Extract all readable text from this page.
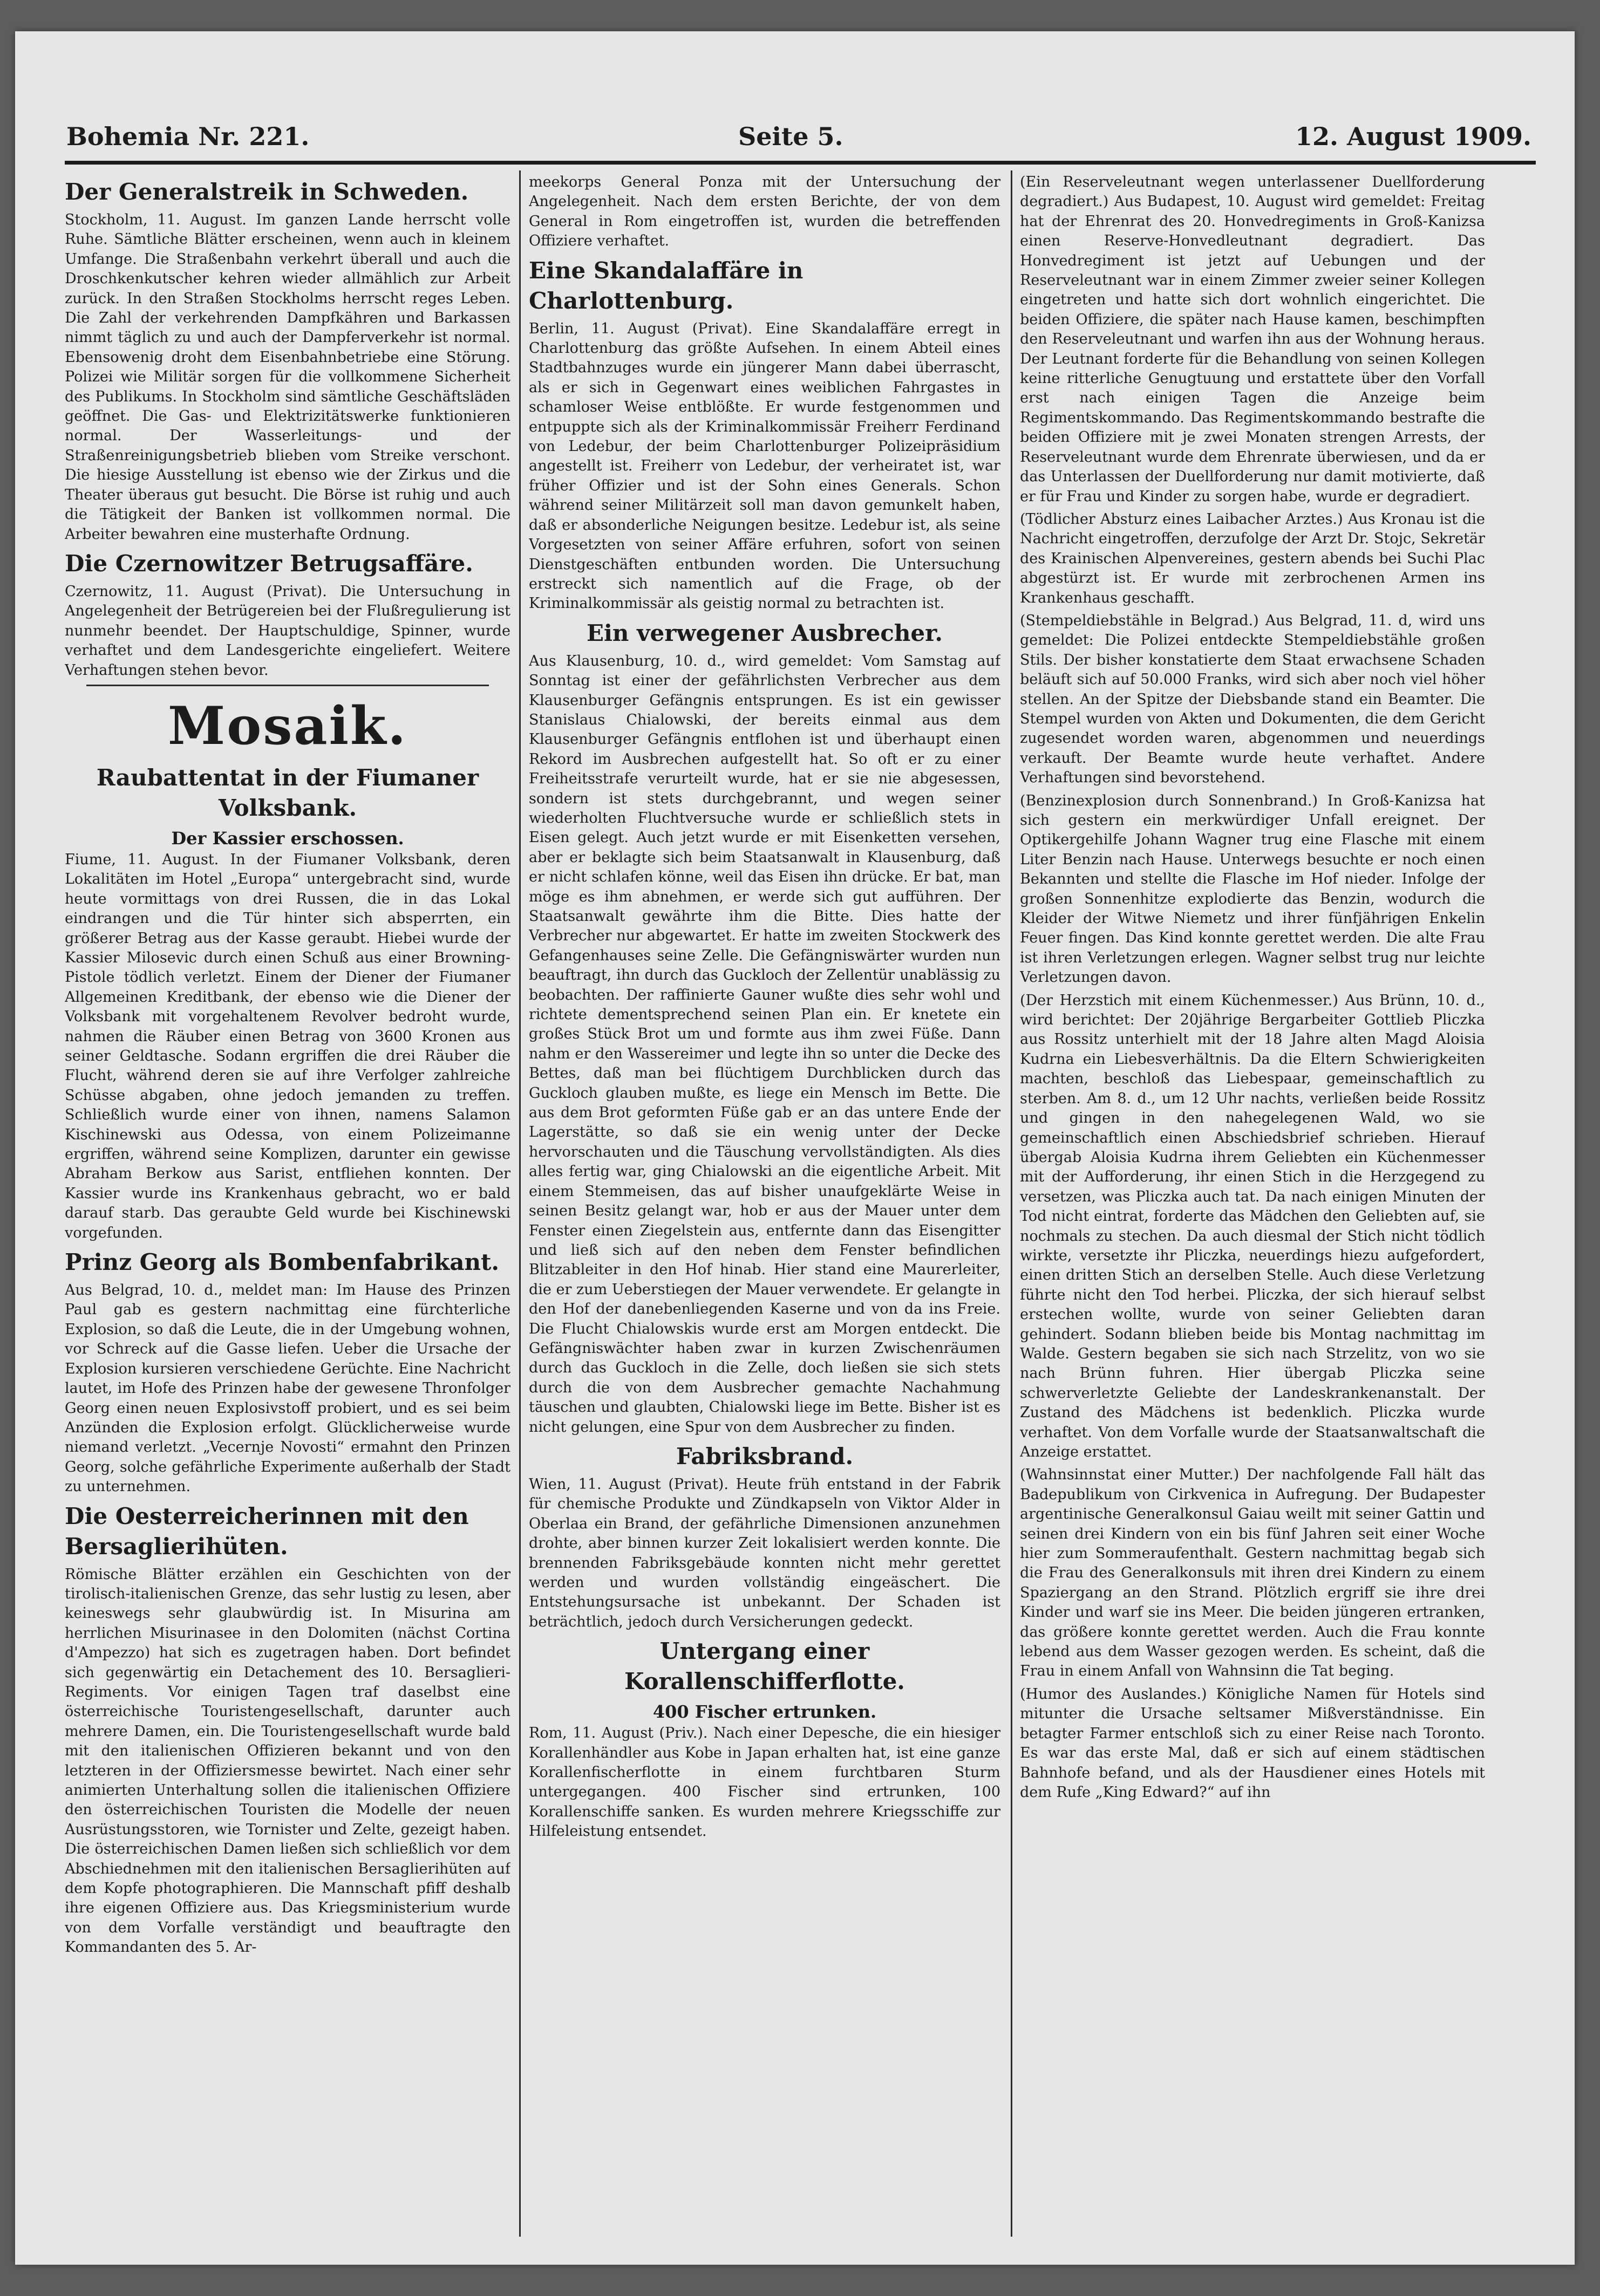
Bohemia Nr. 221.	Seite 5.	12. August 1909.
Der Generalstreik in Schweden.

Stockholm, 11. August. Im ganzen Lande herrscht volle Ruhe. Sämtliche Blätter erscheinen, wenn auch in kleinem Umfange. Die Straßenbahn verkehrt überall und auch die Droschkenkutscher kehren wieder allmählich zur Arbeit zurück. In den Straßen Stockholms herrscht reges Leben. Die Zahl der verkehrenden Dampfkähren und Barkassen nimmt täglich zu und auch der Dampferverkehr ist normal. Ebensowenig droht dem Eisenbahnbetriebe eine Störung. Polizei wie Militär sorgen für die vollkommene Sicherheit des Publikums. In Stockholm sind sämtliche Geschäftsläden geöffnet. Die Gas- und Elektrizitätswerke funktionieren normal. Der Wasserleitungs- und der Straßenreinigungsbetrieb blieben vom Streike verschont. Die hiesige Ausstellung ist ebenso wie der Zirkus und die Theater überaus gut besucht. Die Börse ist ruhig und auch die Tätigkeit der Banken ist vollkommen normal. Die Arbeiter bewahren eine musterhafte Ordnung.

Die Czernowitzer Betrugsaffäre.

Czernowitz, 11. August (Privat). Die Untersuchung in Angelegenheit der Betrügereien bei der Flußregulierung ist nunmehr beendet. Der Hauptschuldige, Spinner, wurde verhaftet und dem Landesgerichte eingeliefert. Weitere Verhaftungen stehen bevor.

Mosaik.
Raubattentat in der Fiumaner Volksbank.
Der Kassier erschossen.

Fiume, 11. August. In der Fiumaner Volksbank, deren Lokalitäten im Hotel „Europa“ untergebracht sind, wurde heute vormittags von drei Russen, die in das Lokal eindrangen und die Tür hinter sich absperrten, ein größerer Betrag aus der Kasse geraubt. Hiebei wurde der Kassier Milosevic durch einen Schuß aus einer Browning-Pistole tödlich verletzt. Einem der Diener der Fiumaner Allgemeinen Kreditbank, der ebenso wie die Diener der Volksbank mit vorgehaltenem Revolver bedroht wurde, nahmen die Räuber einen Betrag von 3600 Kronen aus seiner Geldtasche. Sodann ergriffen die drei Räuber die Flucht, während deren sie auf ihre Verfolger zahlreiche Schüsse abgaben, ohne jedoch jemanden zu treffen. Schließlich wurde einer von ihnen, namens Salamon Kischinewski aus Odessa, von einem Polizeimanne ergriffen, während seine Komplizen, darunter ein gewisse Abraham Berkow aus Sarist, entfliehen konnten. Der Kassier wurde ins Krankenhaus gebracht, wo er bald darauf starb. Das geraubte Geld wurde bei Kischinewski vorgefunden.

Prinz Georg als Bombenfabrikant.

Aus Belgrad, 10. d., meldet man: Im Hause des Prinzen Paul gab es gestern nachmittag eine fürchterliche Explosion, so daß die Leute, die in der Umgebung wohnen, vor Schreck auf die Gasse liefen. Ueber die Ursache der Explosion kursieren verschiedene Gerüchte. Eine Nachricht lautet, im Hofe des Prinzen habe der gewesene Thronfolger Georg einen neuen Explosivstoff probiert, und es sei beim Anzünden die Explosion erfolgt. Glücklicherweise wurde niemand verletzt. „Vecernje Novosti“ ermahnt den Prinzen Georg, solche gefährliche Experimente außerhalb der Stadt zu unternehmen.

Die Oesterreicherinnen mit den Bersaglierihüten.

Römische Blätter erzählen ein Geschichten von der tirolisch-italienischen Grenze, das sehr lustig zu lesen, aber keineswegs sehr glaubwürdig ist. In Misurina am herrlichen Misurinasee in den Dolomiten (nächst Cortina d'Ampezzo) hat sich es zugetragen haben. Dort befindet sich gegenwärtig ein Detachement des 10. Bersaglieri-Regiments. Vor einigen Tagen traf daselbst eine österreichische Touristengesellschaft, darunter auch mehrere Damen, ein. Die Touristengesellschaft wurde bald mit den italienischen Offizieren bekannt und von den letzteren in der Offiziersmesse bewirtet. Nach einer sehr animierten Unterhaltung sollen die italienischen Offiziere den österreichischen Touristen die Modelle der neuen Ausrüstungsstoren, wie Tornister und Zelte, gezeigt haben. Die österreichischen Damen ließen sich schließlich vor dem Abschiednehmen mit den italienischen Bersaglierihüten auf dem Kopfe photographieren. Die Mannschaft pfiff deshalb ihre eigenen Offiziere aus. Das Kriegsministerium wurde von dem Vorfalle verständigt und beauftragte den Kommandanten des 5. Ar-

meekorps General Ponza mit der Untersuchung der Angelegenheit. Nach dem ersten Berichte, der von dem General in Rom eingetroffen ist, wurden die betreffenden Offiziere verhaftet.

Eine Skandalaffäre in Charlottenburg.

Berlin, 11. August (Privat). Eine Skandalaffäre erregt in Charlottenburg das größte Aufsehen. In einem Abteil eines Stadtbahnzuges wurde ein jüngerer Mann dabei überrascht, als er sich in Gegenwart eines weiblichen Fahrgastes in schamloser Weise entblößte. Er wurde festgenommen und entpuppte sich als der Kriminalkommissär Freiherr Ferdinand von Ledebur, der beim Charlottenburger Polizeipräsidium angestellt ist. Freiherr von Ledebur, der verheiratet ist, war früher Offizier und ist der Sohn eines Generals. Schon während seiner Militärzeit soll man davon gemunkelt haben, daß er absonderliche Neigungen besitze. Ledebur ist, als seine Vorgesetzten von seiner Affäre erfuhren, sofort von seinen Dienstgeschäften entbunden worden. Die Untersuchung erstreckt sich namentlich auf die Frage, ob der Kriminalkommissär als geistig normal zu betrachten ist.

Ein verwegener Ausbrecher.

Aus Klausenburg, 10. d., wird gemeldet: Vom Samstag auf Sonntag ist einer der gefährlichsten Verbrecher aus dem Klausenburger Gefängnis entsprungen. Es ist ein gewisser Stanislaus Chialowski, der bereits einmal aus dem Klausenburger Gefängnis entflohen ist und überhaupt einen Rekord im Ausbrechen aufgestellt hat. So oft er zu einer Freiheitsstrafe verurteilt wurde, hat er sie nie abgesessen, sondern ist stets durchgebrannt, und wegen seiner wiederholten Fluchtversuche wurde er schließlich stets in Eisen gelegt. Auch jetzt wurde er mit Eisenketten versehen, aber er beklagte sich beim Staatsanwalt in Klausenburg, daß er nicht schlafen könne, weil das Eisen ihn drücke. Er bat, man möge es ihm abnehmen, er werde sich gut aufführen. Der Staatsanwalt gewährte ihm die Bitte. Dies hatte der Verbrecher nur abgewartet. Er hatte im zweiten Stockwerk des Gefangenhauses seine Zelle. Die Gefängniswärter wurden nun beauftragt, ihn durch das Guckloch der Zellentür unablässig zu beobachten. Der raffinierte Gauner wußte dies sehr wohl und richtete dementsprechend seinen Plan ein. Er knetete ein großes Stück Brot um und formte aus ihm zwei Füße. Dann nahm er den Wassereimer und legte ihn so unter die Decke des Bettes, daß man bei flüchtigem Durchblicken durch das Guckloch glauben mußte, es liege ein Mensch im Bette. Die aus dem Brot geformten Füße gab er an das untere Ende der Lagerstätte, so daß sie ein wenig unter der Decke hervorschauten und die Täuschung vervollständigten. Als dies alles fertig war, ging Chialowski an die eigentliche Arbeit. Mit einem Stemmeisen, das auf bisher unaufgeklärte Weise in seinen Besitz gelangt war, hob er aus der Mauer unter dem Fenster einen Ziegelstein aus, entfernte dann das Eisengitter und ließ sich auf den neben dem Fenster befindlichen Blitzableiter in den Hof hinab. Hier stand eine Maurerleiter, die er zum Ueberstiegen der Mauer verwendete. Er gelangte in den Hof der danebenliegenden Kaserne und von da ins Freie. Die Flucht Chialowskis wurde erst am Morgen entdeckt. Die Gefängniswächter haben zwar in kurzen Zwischenräumen durch das Guckloch in die Zelle, doch ließen sie sich stets durch die von dem Ausbrecher gemachte Nachahmung täuschen und glaubten, Chialowski liege im Bette. Bisher ist es nicht gelungen, eine Spur von dem Ausbrecher zu finden.

Fabriksbrand.

Wien, 11. August (Privat). Heute früh entstand in der Fabrik für chemische Produkte und Zündkapseln von Viktor Alder in Oberlaa ein Brand, der gefährliche Dimensionen anzunehmen drohte, aber binnen kurzer Zeit lokalisiert werden konnte. Die brennenden Fabriksgebäude konnten nicht mehr gerettet werden und wurden vollständig eingeäschert. Die Entstehungsursache ist unbekannt. Der Schaden ist beträchtlich, jedoch durch Versicherungen gedeckt.

Untergang einer Korallenschifferflotte.
400 Fischer ertrunken.

Rom, 11. August (Priv.). Nach einer Depesche, die ein hiesiger Korallenhändler aus Kobe in Japan erhalten hat, ist eine ganze Korallenfischerflotte in einem furchtbaren Sturm untergegangen. 400 Fischer sind ertrunken, 100 Korallenschiffe sanken. Es wurden mehrere Kriegsschiffe zur Hilfeleistung entsendet.

(Ein Reserveleutnant wegen unterlassener Duellforderung degradiert.) Aus Budapest, 10. August wird gemeldet: Freitag hat der Ehrenrat des 20. Honvedregiments in Groß-Kanizsa einen Reserve-Honvedleutnant degradiert. Das Honvedregiment ist jetzt auf Uebungen und der Reserveleutnant war in einem Zimmer zweier seiner Kollegen eingetreten und hatte sich dort wohnlich eingerichtet. Die beiden Offiziere, die später nach Hause kamen, beschimpften den Reserveleutnant und warfen ihn aus der Wohnung heraus. Der Leutnant forderte für die Behandlung von seinen Kollegen keine ritterliche Genugtuung und erstattete über den Vorfall erst nach einigen Tagen die Anzeige beim Regimentskommando. Das Regimentskommando bestrafte die beiden Offiziere mit je zwei Monaten strengen Arrests, der Reserveleutnant wurde dem Ehrenrate überwiesen, und da er das Unterlassen der Duellforderung nur damit motivierte, daß er für Frau und Kinder zu sorgen habe, wurde er degradiert.

(Tödlicher Absturz eines Laibacher Arztes.) Aus Kronau ist die Nachricht eingetroffen, derzufolge der Arzt Dr. Stojc, Sekretär des Krainischen Alpenvereines, gestern abends bei Suchi Plac abgestürzt ist. Er wurde mit zerbrochenen Armen ins Krankenhaus geschafft.

(Stempeldiebstähle in Belgrad.) Aus Belgrad, 11. d, wird uns gemeldet: Die Polizei entdeckte Stempeldiebstähle großen Stils. Der bisher konstatierte dem Staat erwachsene Schaden beläuft sich auf 50.000 Franks, wird sich aber noch viel höher stellen. An der Spitze der Diebsbande stand ein Beamter. Die Stempel wurden von Akten und Dokumenten, die dem Gericht zugesendet worden waren, abgenommen und neuerdings verkauft. Der Beamte wurde heute verhaftet. Andere Verhaftungen sind bevorstehend.

(Benzinexplosion durch Sonnenbrand.) In Groß-Kanizsa hat sich gestern ein merkwürdiger Unfall ereignet. Der Optikergehilfe Johann Wagner trug eine Flasche mit einem Liter Benzin nach Hause. Unterwegs besuchte er noch einen Bekannten und stellte die Flasche im Hof nieder. Infolge der großen Sonnenhitze explodierte das Benzin, wodurch die Kleider der Witwe Niemetz und ihrer fünfjährigen Enkelin Feuer fingen. Das Kind konnte gerettet werden. Die alte Frau ist ihren Verletzungen erlegen. Wagner selbst trug nur leichte Verletzungen davon.

(Der Herzstich mit einem Küchenmesser.) Aus Brünn, 10. d., wird berichtet: Der 20jährige Bergarbeiter Gottlieb Pliczka aus Rossitz unterhielt mit der 18 Jahre alten Magd Aloisia Kudrna ein Liebesverhältnis. Da die Eltern Schwierigkeiten machten, beschloß das Liebespaar, gemeinschaftlich zu sterben. Am 8. d., um 12 Uhr nachts, verließen beide Rossitz und gingen in den nahegelegenen Wald, wo sie gemeinschaftlich einen Abschiedsbrief schrieben. Hierauf übergab Aloisia Kudrna ihrem Geliebten ein Küchenmesser mit der Aufforderung, ihr einen Stich in die Herzgegend zu versetzen, was Pliczka auch tat. Da nach einigen Minuten der Tod nicht eintrat, forderte das Mädchen den Geliebten auf, sie nochmals zu stechen. Da auch diesmal der Stich nicht tödlich wirkte, versetzte ihr Pliczka, neuerdings hiezu aufgefordert, einen dritten Stich an derselben Stelle. Auch diese Verletzung führte nicht den Tod herbei. Pliczka, der sich hierauf selbst erstechen wollte, wurde von seiner Geliebten daran gehindert. Sodann blieben beide bis Montag nachmittag im Walde. Gestern begaben sie sich nach Strzelitz, von wo sie nach Brünn fuhren. Hier übergab Pliczka seine schwerverletzte Geliebte der Landeskrankenanstalt. Der Zustand des Mädchens ist bedenklich. Pliczka wurde verhaftet. Von dem Vorfalle wurde der Staatsanwaltschaft die Anzeige erstattet.

(Wahnsinnstat einer Mutter.) Der nachfolgende Fall hält das Badepublikum von Cirkvenica in Aufregung. Der Budapester argentinische Generalkonsul Gaiau weilt mit seiner Gattin und seinen drei Kindern von ein bis fünf Jahren seit einer Woche hier zum Sommeraufenthalt. Gestern nachmittag begab sich die Frau des Generalkonsuls mit ihren drei Kindern zu einem Spaziergang an den Strand. Plötzlich ergriff sie ihre drei Kinder und warf sie ins Meer. Die beiden jüngeren ertranken, das größere konnte gerettet werden. Auch die Frau konnte lebend aus dem Wasser gezogen werden. Es scheint, daß die Frau in einem Anfall von Wahnsinn die Tat beging.

(Humor des Auslandes.) Königliche Namen für Hotels sind mitunter die Ursache seltsamer Mißverständnisse. Ein betagter Farmer entschloß sich zu einer Reise nach Toronto. Es war das erste Mal, daß er sich auf einem städtischen Bahnhofe befand, und als der Hausdiener eines Hotels mit dem Rufe „King Edward?“ auf ihn
